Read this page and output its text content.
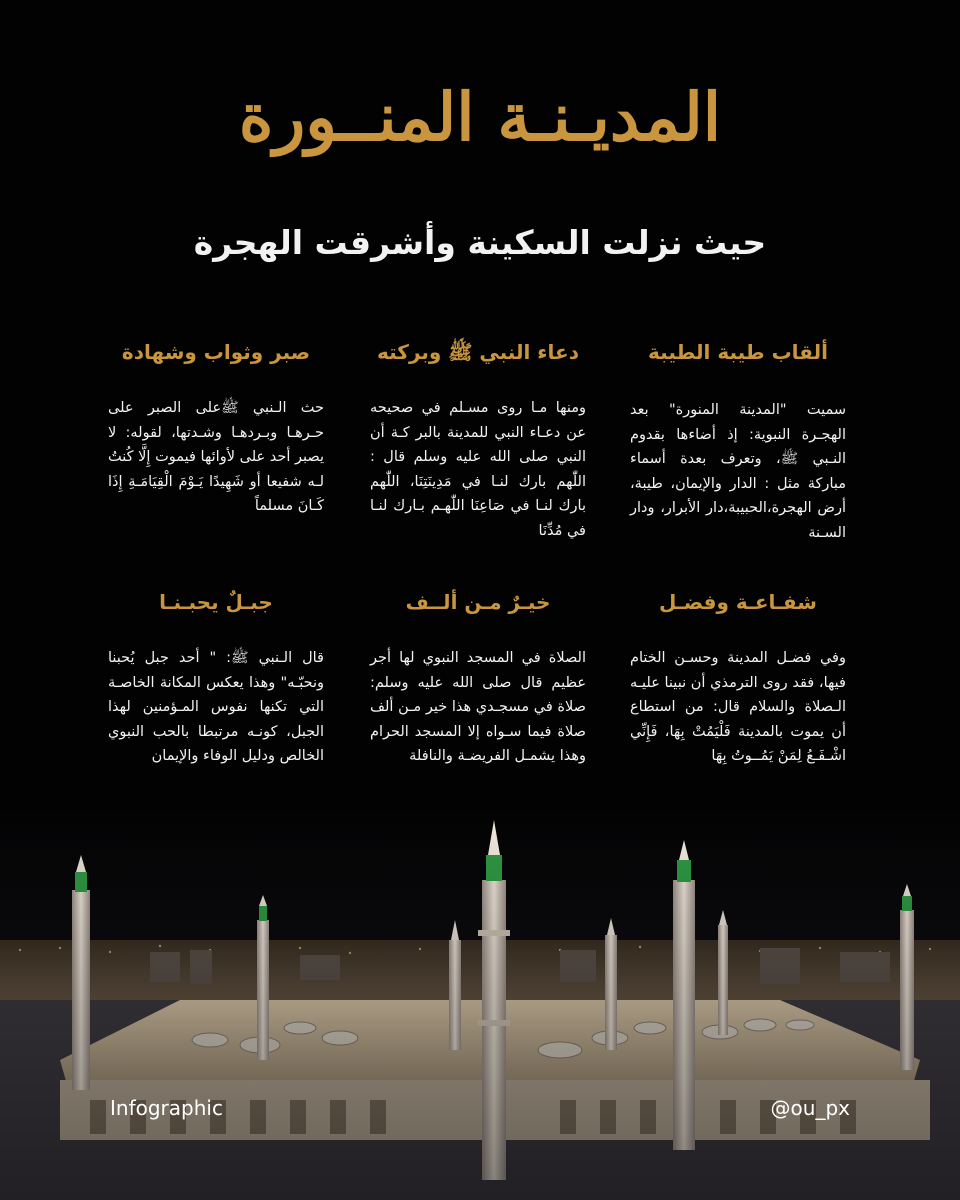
المديـنـة المنــورة
حيث نزلت السكينة وأشرقت الهجرة
ألقاب طيبة الطيبة

سميت "المدينة المنورة" بعد الهجـرة النبوية: إذ أضاءها بقدوم النـبي ﷺ، وتعرف بعدة أسماء مباركة مثل : الدار والإيمان، طيبة، أرض الهجرة،الحبيبة،دار الأبرار، ودار السـنة

دعاء النبي ﷺ وبركته

ومنها مـا روى مسـلم في صحيحه عن دعـاء النبي للمدينة بالبر كـة أن النبي صلى الله عليه وسلم قال : اللّٰهم بارك لنـا في مَدِينَتِنَا، اللّٰهم بارك لنـا في صَاعِنَا اللّٰهـم بـارك لنـا في مُدِّنَا

صبر وثواب وشهادة

حث الـنبي ﷺعلى الصبر على حـرهـا وبـردهـا وشـدتها، لقوله: لا يصبر أحد على لأوائها فيموت إِلَّا كُنتُ لـه شفيعا أو شَهِيدًا يَـوْمَ الْقِيَامَـةِ إِذَا كَـانَ مسلماً

شفـاعـة وفضـل

وفي فضـل المدينة وحسـن الختام فيها، فقد روى الترمذي أن نبينا عليـه الـصلاة والسلام قال: من استطاع أن يموت بالمدينة فَلْيَمُتْ بِهَا، فَإِنِّي اشْـفَـعُ لِمَنْ يَمُــوتُ بِهَا

خيـرٌ مـن ألــف

الصلاة في المسجد النبوي لها أجر عظيم قال صلى الله عليه وسلم: صلاة في مسجـدي هذا خير مـن ألف صلاة فيما سـواه إلا المسجد الحرام وهذا يشمـل الفريضـة والنافلة

جبـلٌ يحبـنـا

قال الـنبي ﷺ: " أحد جبل يُحبنا ونحبّـه" وهذا يعكس المكانة الخاصـة التي تكنها نفوس المـؤمنين لهذا الجبل، كونـه مرتبطا بالحب النبوي الخالص ودليل الوفاء والإيمان

Infographic	@ou_px
